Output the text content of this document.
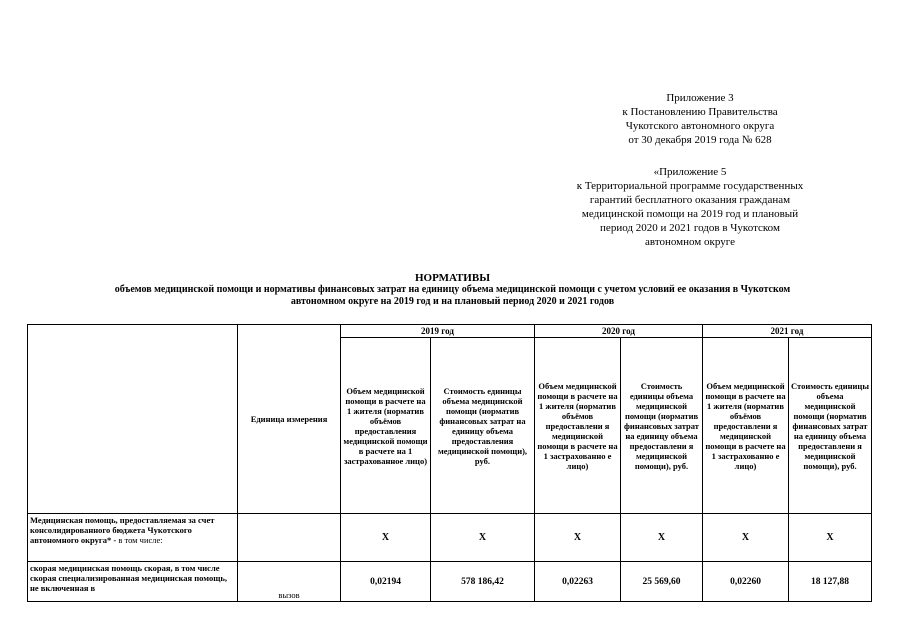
Приложение 3
к Постановлению Правительства
Чукотского автономного округа
от 30 декабря 2019 года № 628
«Приложение 5
к Территориальной программе государственных
гарантий бесплатного оказания гражданам
медицинской помощи на 2019 год и плановый
период 2020 и 2021 годов в Чукотском
автономном округе
НОРМАТИВЫ
объемов медицинской помощи и нормативы финансовых затрат на единицу объема медицинской помощи с учетом условий ее оказания в Чукотском
автономном округе на 2019 год и на плановый период 2020 и 2021 годов
	Единица измерения	2019 год		2020 год		2021 год	
		Объем медицинской помощи в расчете на 1 жителя (норматив объёмов предоставления медицинской помощи в расчете на 1 застрахованное лицо)	Стоимость единицы объема медицинской помощи (норматив финансовых затрат на единицу объема предоставления медицинской помощи), руб.	Объем медицинской помощи в расчете на 1 жителя (норматив объёмов предоставлени я медицинской помощи в расчете на 1 застрахованно е лицо)	Стоимость единицы объема медицинской помощи (норматив финансовых затрат на единицу объема предоставлени я медицинской помощи), руб.	Объем медицинской помощи в расчете на 1 жителя (норматив объёмов предоставлени я медицинской помощи в расчете на 1 застрахованно е лицо)	Стоимость единицы объема медицинской помощи (норматив финансовых затрат на единицу объема предоставлени я медицинской помощи), руб.
Медицинская помощь, предоставляемая за счет консолидированного бюджета Чукотского автономного округа* - в том числе:		X	X	X	X	X	X
скорая медицинская помощь скорая, в том числе скорая специализированная медицинская помощь, не включенная в	вызов	0,02194	578 186,42	0,02263	25 569,60	0,02260	18 127,88
